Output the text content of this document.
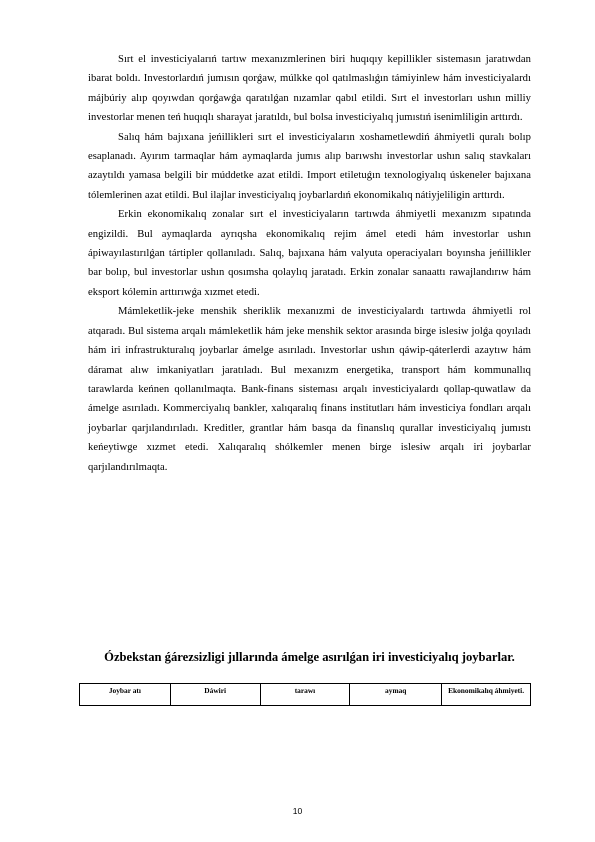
Sırt el investiciyalarıń tartıw mexanızmlerinen biri huqıqıy kepillikler sistemasın jaratıwdan ibarat boldı. Investorlardıń jumısın qorǵaw, múlkke qol qatılmaslıǵın támiyinlew hám investiciyalardı májbúriy alıp qoyıwdan qorǵawǵa qaratılǵan nızamlar qabıl etildi. Sırt el investorları ushın milliy investorlar menen teń huqıqlı sharayat jaratıldı, bul bolsa investiciyalıq jumıstıń isenimliligin arttırdı.

Salıq hám bajıxana jeńillikleri sırt el investiciyaların xoshametlewdiń áhmiyetli quralı bolıp esaplanadı. Ayırım tarmaqlar hám aymaqlarda jumıs alıp barıwshı investorlar ushın salıq stavkaları azaytıldı yamasa belgili bir múddetke azat etildi. Import etiletuǵın texnologiyalıq úskeneler bajıxana tólemlerinen azat etildi. Bul ilajlar investiciyalıq joybarlardıń ekonomikalıq nátiyjeliligin arttırdı.

Erkin ekonomikalıq zonalar sırt el investiciyaların tartıwda áhmiyetli mexanızm sıpatında engizildi. Bul aymaqlarda ayrıqsha ekonomikalıq rejim ámel etedi hám investorlar ushın ápiwayılastırılǵan tártipler qollanıladı. Salıq, bajıxana hám valyuta operaciyaları boyınsha jeńillikler bar bolıp, bul investorlar ushın qosımsha qolaylıq jaratadı. Erkin zonalar sanaattı rawajlandırıw hám eksport kólemin arttırıwǵa xızmet etedi.

Mámleketlik-jeke menshik sheriklik mexanızmi de investiciyalardı tartıwda áhmiyetli rol atqaradı. Bul sistema arqalı mámleketlik hám jeke menshik sektor arasında birge islesiw jolǵa qoyıladı hám iri infrastrukturalıq joybarlar ámelge asırıladı. Investorlar ushın qáwip-qáterlerdi azaytıw hám dáramat alıw imkaniyatları jaratıladı. Bul mexanızm energetika, transport hám kommunallıq tarawlarda keńnen qollanılmaqta. Bank-finans sisteması arqalı investiciyalardı qollap-quwatlaw da ámelge asırıladı. Kommerciyalıq bankler, xalıqaralıq finans institutları hám investiciya fondları arqalı joybarlar qarjılandırıladı. Kreditler, grantlar hám basqa da finanslıq qurallar investiciyalıq jumıstı keńeytiwge xızmet etedi. Xalıqaralıq shólkemler menen birge islesiw arqalı iri joybarlar qarjılandırılmaqta.

Ózbekstan ǵárezsizligi jıllarında ámelge asırılǵan iri investiciyalıq joybarlar.

Joybar atı	Dáwiri	tarawı	aymaq	Ekonomikalıq áhmiyeti.
10
